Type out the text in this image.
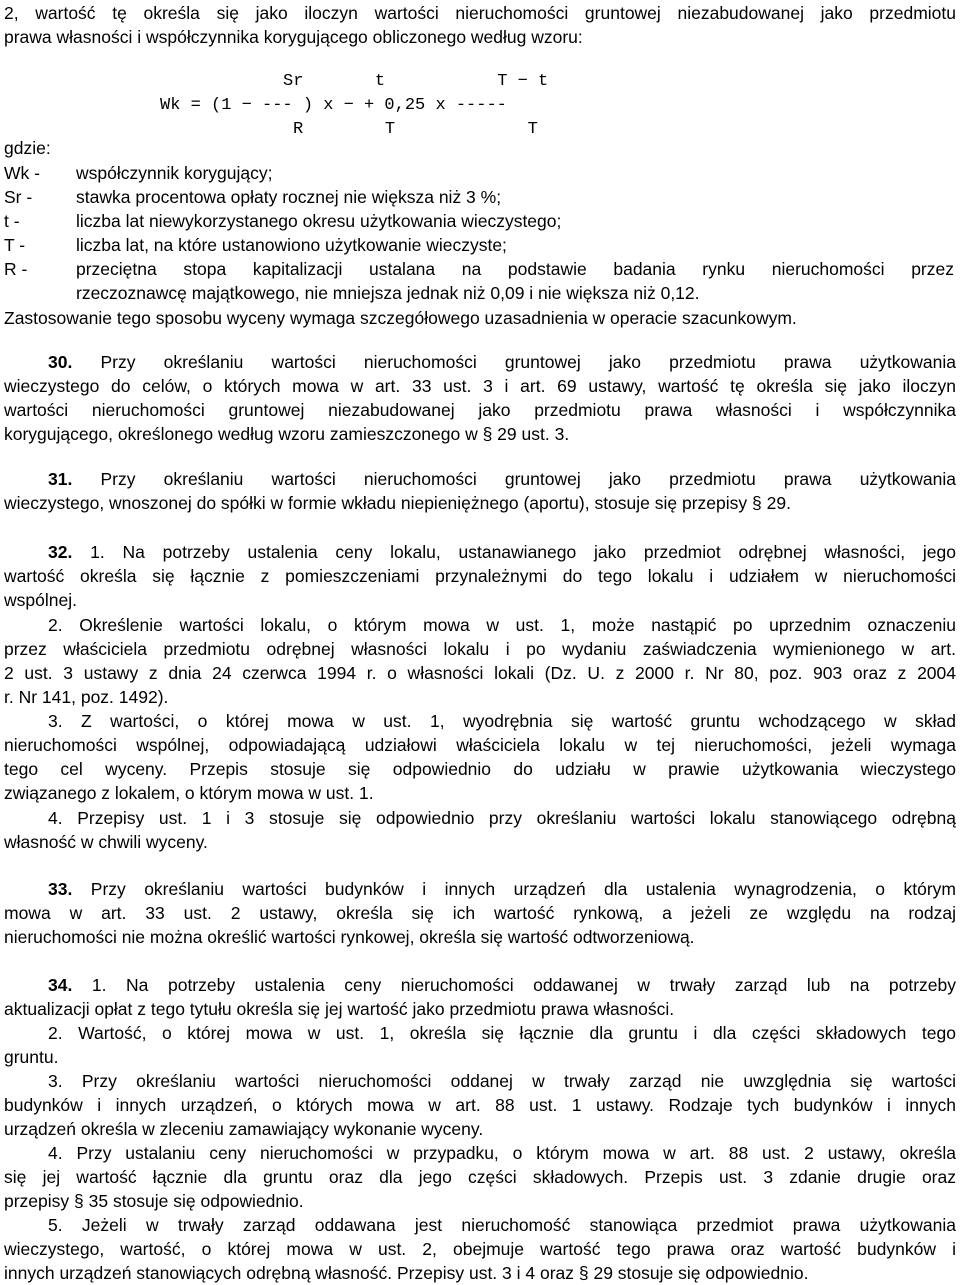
2, wartość tę określa się jako iloczyn wartości nieruchomości gruntowej niezabudowanej jako przedmiotu
prawa własności i współczynnika korygującego obliczonego według wzoru:
Sr       t           T − t
Wk = (1 − --- ) x − + 0,25 x -----
R        T             T
gdzie:
Wk - współczynnik korygujący;
Sr -	stawka procentowa opłaty rocznej nie większa niż 3 %;
t -	liczba lat niewykorzystanego okresu użytkowania wieczystego;
T -	liczba lat, na które ustanowiono użytkowanie wieczyste;
R -	przeciętna stopa kapitalizacji ustalana na podstawie badania rynku nieruchomości przez
rzeczoznawcę majątkowego, nie mniejsza jednak niż 0,09 i nie większa niż 0,12.
Zastosowanie tego sposobu wyceny wymaga szczegółowego uzasadnienia w operacie szacunkowym.
30. Przy określaniu wartości nieruchomości gruntowej jako przedmiotu prawa użytkowania
wieczystego do celów, o których mowa w art. 33 ust. 3 i art. 69 ustawy, wartość tę określa się jako iloczyn
wartości nieruchomości gruntowej niezabudowanej jako przedmiotu prawa własności i współczynnika
korygującego, określonego według wzoru zamieszczonego w § 29 ust. 3.
31. Przy określaniu wartości nieruchomości gruntowej jako przedmiotu prawa użytkowania
wieczystego, wnoszonej do spółki w formie wkładu niepieniężnego (aportu), stosuje się przepisy § 29.
32. 1. Na potrzeby ustalenia ceny lokalu, ustanawianego jako przedmiot odrębnej własności, jego
wartość określa się łącznie z pomieszczeniami przynależnymi do tego lokalu i udziałem w nieruchomości
wspólnej.
2. Określenie wartości lokalu, o którym mowa w ust. 1, może nastąpić po uprzednim oznaczeniu
przez właściciela przedmiotu odrębnej własności lokalu i po wydaniu zaświadczenia wymienionego w art.
2 ust. 3 ustawy z dnia 24 czerwca 1994 r. o własności lokali (Dz. U. z 2000 r. Nr 80, poz. 903 oraz z 2004
r. Nr 141, poz. 1492).
3. Z wartości, o której mowa w ust. 1, wyodrębnia się wartość gruntu wchodzącego w skład
nieruchomości wspólnej, odpowiadającą udziałowi właściciela lokalu w tej nieruchomości, jeżeli wymaga
tego cel wyceny. Przepis stosuje się odpowiednio do udziału w prawie użytkowania wieczystego
związanego z lokalem, o którym mowa w ust. 1.
4. Przepisy ust. 1 i 3 stosuje się odpowiednio przy określaniu wartości lokalu stanowiącego odrębną
własność w chwili wyceny.
33. Przy określaniu wartości budynków i innych urządzeń dla ustalenia wynagrodzenia, o którym
mowa w art. 33 ust. 2 ustawy, określa się ich wartość rynkową, a jeżeli ze względu na rodzaj
nieruchomości nie można określić wartości rynkowej, określa się wartość odtworzeniową.
34. 1. Na potrzeby ustalenia ceny nieruchomości oddawanej w trwały zarząd lub na potrzeby
aktualizacji opłat z tego tytułu określa się jej wartość jako przedmiotu prawa własności.
2. Wartość, o której mowa w ust. 1, określa się łącznie dla gruntu i dla części składowych tego
gruntu.
3. Przy określaniu wartości nieruchomości oddanej w trwały zarząd nie uwzględnia się wartości
budynków i innych urządzeń, o których mowa w art. 88 ust. 1 ustawy. Rodzaje tych budynków i innych
urządzeń określa w zleceniu zamawiający wykonanie wyceny.
4. Przy ustalaniu ceny nieruchomości w przypadku, o którym mowa w art. 88 ust. 2 ustawy, określa
się jej wartość łącznie dla gruntu oraz dla jego części składowych. Przepis ust. 3 zdanie drugie oraz
przepisy § 35 stosuje się odpowiednio.
5. Jeżeli w trwały zarząd oddawana jest nieruchomość stanowiąca przedmiot prawa użytkowania
wieczystego, wartość, o której mowa w ust. 2, obejmuje wartość tego prawa oraz wartość budynków i
innych urządzeń stanowiących odrębną własność. Przepisy ust. 3 i 4 oraz § 29 stosuje się odpowiednio.
